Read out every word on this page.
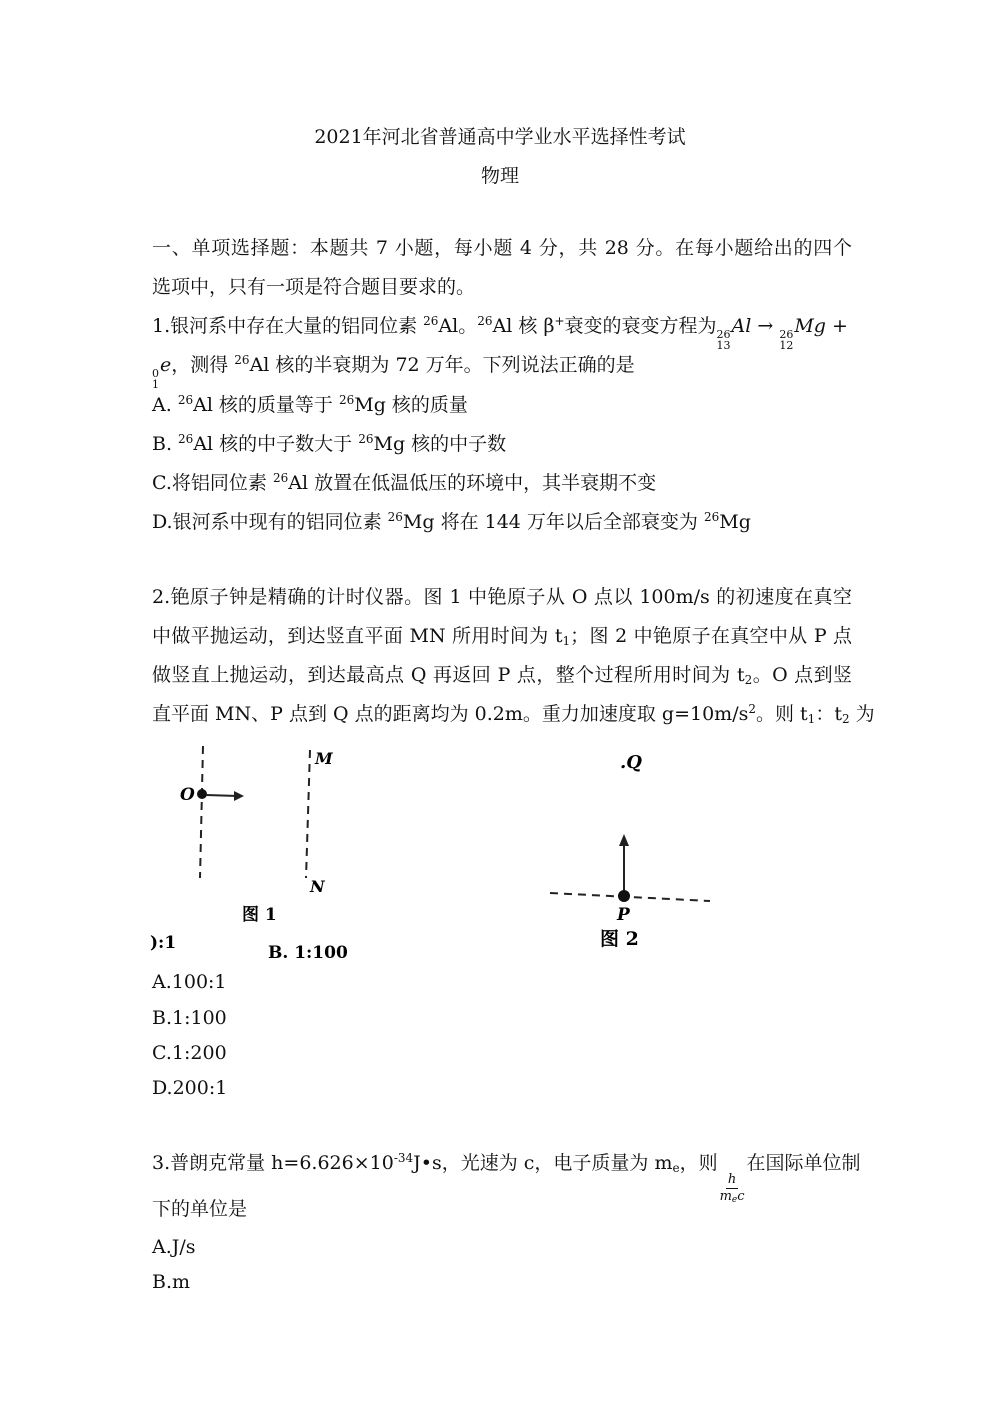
2021年河北省普通高中学业水平选择性考试
物理
一、单项选择题：本题共 7 小题，每小题 4 分，共 28 分。在每小题给出的四个
选项中，只有一项是符合题目要求的。
1.银河系中存在大量的铝同位素 $^{26}$Al。$^{26}$Al 核 β+衰变的衰变方程为 26
13
Al → 26
12
Mg +
0
1
e，测得 $^{26}$Al 核的半衰期为 72 万年。下列说法正确的是
A. $^{26}$Al 核的质量等于 $^{26}$Mg 核的质量
B. $^{26}$Al 核的中子数大于 $^{26}$Mg 核的中子数
C.将铝同位素 $^{26}$Al 放置在低温低压的环境中，其半衰期不变
D.银河系中现有的铝同位素 $^{26}$Mg 将在 144 万年以后全部衰变为 $^{26}$Mg
2.铯原子钟是精确的计时仪器。图 1 中铯原子从 O 点以 100m/s 的初速度在真空
中做平抛运动，到达竖直平面 MN 所用时间为 $t_1$；图 2 中铯原子在真空中从 P 点
做竖直上抛运动，到达最高点 Q 再返回 P 点，整个过程所用时间为 $t_2$。O 点到竖
直平面 MN、P 点到 Q 点的距离均为 0.2m。重力加速度取 $g=10m/s^2$。则 $t_1$：$t_2$ 为
O
M
N
图 1
):1	B. 1:100
.Q
P
图 2
A.100:1
B.1:100
C.1:200
D.200:1
3.普朗克常量 $h=6.626\times 10^{-34}J•s$，光速为 c，电子质量为 $m_e$，则
$\frac{h}{m_ec}$
在国际单位制
下的单位是
A.J/s
B.m
